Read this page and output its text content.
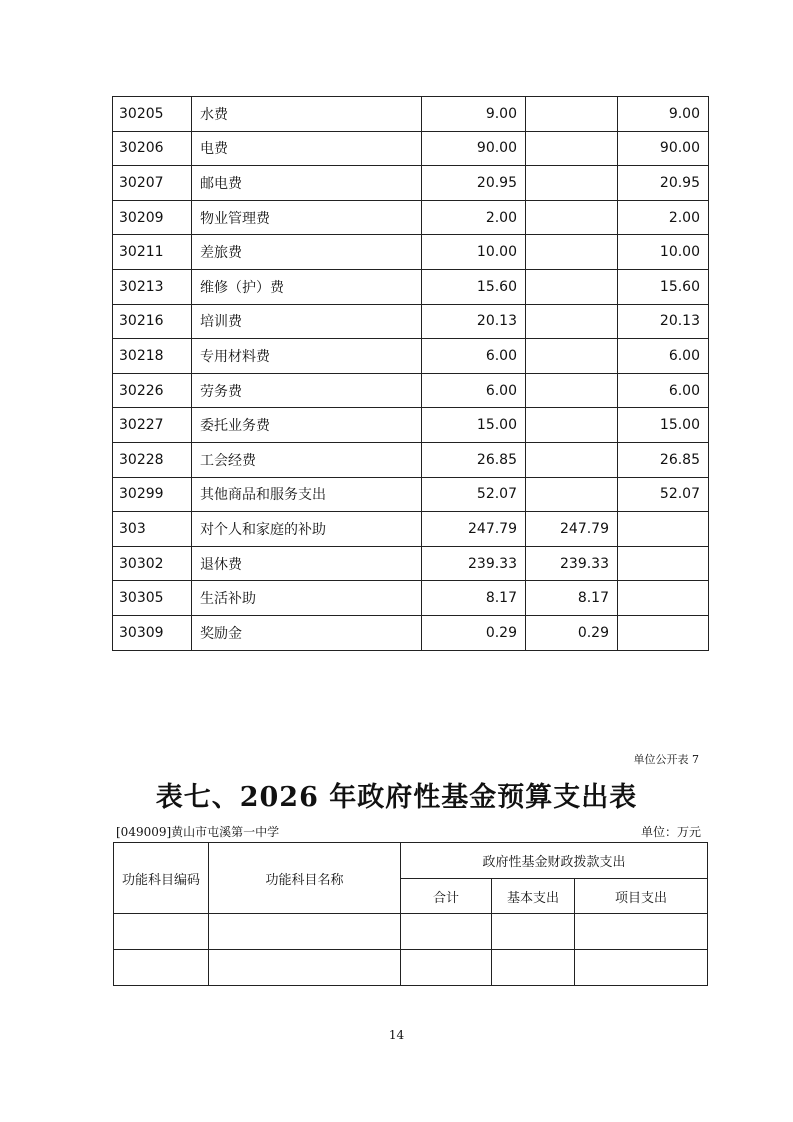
30205	水费	9.00		9.00
30206	电费	90.00		90.00
30207	邮电费	20.95		20.95
30209	物业管理费	2.00		2.00
30211	差旅费	10.00		10.00
30213	维修（护）费	15.60		15.60
30216	培训费	20.13		20.13
30218	专用材料费	6.00		6.00
30226	劳务费	6.00		6.00
30227	委托业务费	15.00		15.00
30228	工会经费	26.85		26.85
30299	其他商品和服务支出	52.07		52.07
303	对个人和家庭的补助	247.79	247.79	
30302	退休费	239.33	239.33	
30305	生活补助	8.17	8.17	
30309	奖励金	0.29	0.29	
单位公开表 7
表七、2026 年政府性基金预算支出表
[049009]黄山市屯溪第一中学	单位：万元
功能科目编码	功能科目名称	政府性基金财政拨款支出		
		合计	基本支出	项目支出

14
